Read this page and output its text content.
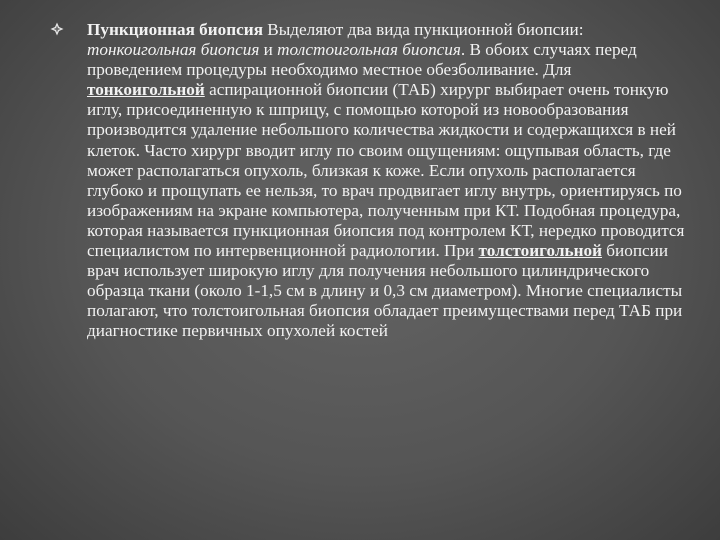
Пункционная биопсия Выделяют два вида пункционной биопсии: тонкоигольная биопсия и толстоигольная биопсия. В обоих случаях перед проведением процедуры необходимо местное обезболивание. Для тонкоигольной аспирационной биопсии (ТАБ) хирург выбирает очень тонкую иглу, присоединенную к шприцу, с помощью которой из новообразования производится удаление небольшого количества жидкости и содержащихся в ней клеток. Часто хирург вводит иглу по своим ощущениям: ощупывая область, где может располагаться опухоль, близкая к коже. Если опухоль располагается глубоко и прощупать ее нельзя, то врач продвигает иглу внутрь, ориентируясь по изображениям на экране компьютера, полученным при КТ. Подобная процедура, которая называется пункционная биопсия под контролем КТ, нередко проводится специалистом по интервенционной радиологии. При толстоигольной биопсии врач использует широкую иглу для получения небольшого цилиндрического образца ткани (около 1-1,5 см в длину и 0,3 см диаметром). Многие специалисты полагают, что толстоигольная биопсия обладает преимуществами перед ТАБ при диагностике первичных опухолей костей
